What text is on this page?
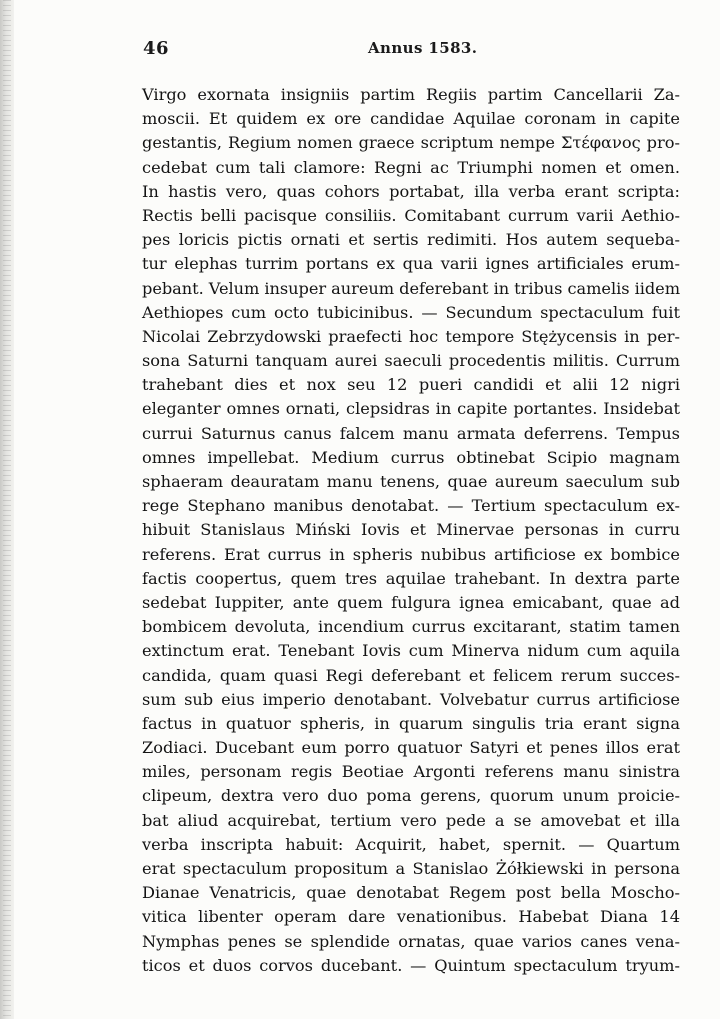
46	Annus 1583.
Virgo exornata insigniis partim Regiis partim Cancellarii Za-
moscii. Et quidem ex ore candidae Aquilae coronam in capite
gestantis, Regium nomen graece scriptum nempe Στέφανος pro-
cedebat cum tali clamore: Regni ac Triumphi nomen et omen.
In hastis vero, quas cohors portabat, illa verba erant scripta:
Rectis belli pacisque consiliis. Comitabant currum varii Aethio-
pes loricis pictis ornati et sertis redimiti. Hos autem sequeba-
tur elephas turrim portans ex qua varii ignes artificiales erum-
pebant. Velum insuper aureum deferebant in tribus camelis iidem
Aethiopes cum octo tubicinibus. — Secundum spectaculum fuit
Nicolai Zebrzydowski praefecti hoc tempore Stężycensis in per-
sona Saturni tanquam aurei saeculi procedentis militis. Currum
trahebant dies et nox seu 12 pueri candidi et alii 12 nigri
eleganter omnes ornati, clepsidras in capite portantes. Insidebat
currui Saturnus canus falcem manu armata deferrens. Tempus
omnes impellebat. Medium currus obtinebat Scipio magnam
sphaeram deauratam manu tenens, quae aureum saeculum sub
rege Stephano manibus denotabat. — Tertium spectaculum ex-
hibuit Stanislaus Miński Iovis et Minervae personas in curru
referens. Erat currus in spheris nubibus artificiose ex bombice
factis coopertus, quem tres aquilae trahebant. In dextra parte
sedebat Iuppiter, ante quem fulgura ignea emicabant, quae ad
bombicem devoluta, incendium currus excitarant, statim tamen
extinctum erat. Tenebant Iovis cum Minerva nidum cum aquila
candida, quam quasi Regi deferebant et felicem rerum succes-
sum sub eius imperio denotabant. Volvebatur currus artificiose
factus in quatuor spheris, in quarum singulis tria erant signa
Zodiaci. Ducebant eum porro quatuor Satyri et penes illos erat
miles, personam regis Beotiae Argonti referens manu sinistra
clipeum, dextra vero duo poma gerens, quorum unum proicie-
bat aliud acquirebat, tertium vero pede a se amovebat et illa
verba inscripta habuit: Acquirit, habet, spernit. — Quartum
erat spectaculum propositum a Stanislao Żółkiewski in persona
Dianae Venatricis, quae denotabat Regem post bella Moscho-
vitica libenter operam dare venationibus. Habebat Diana 14
Nymphas penes se splendide ornatas, quae varios canes vena-
ticos et duos corvos ducebant. — Quintum spectaculum tryum-
